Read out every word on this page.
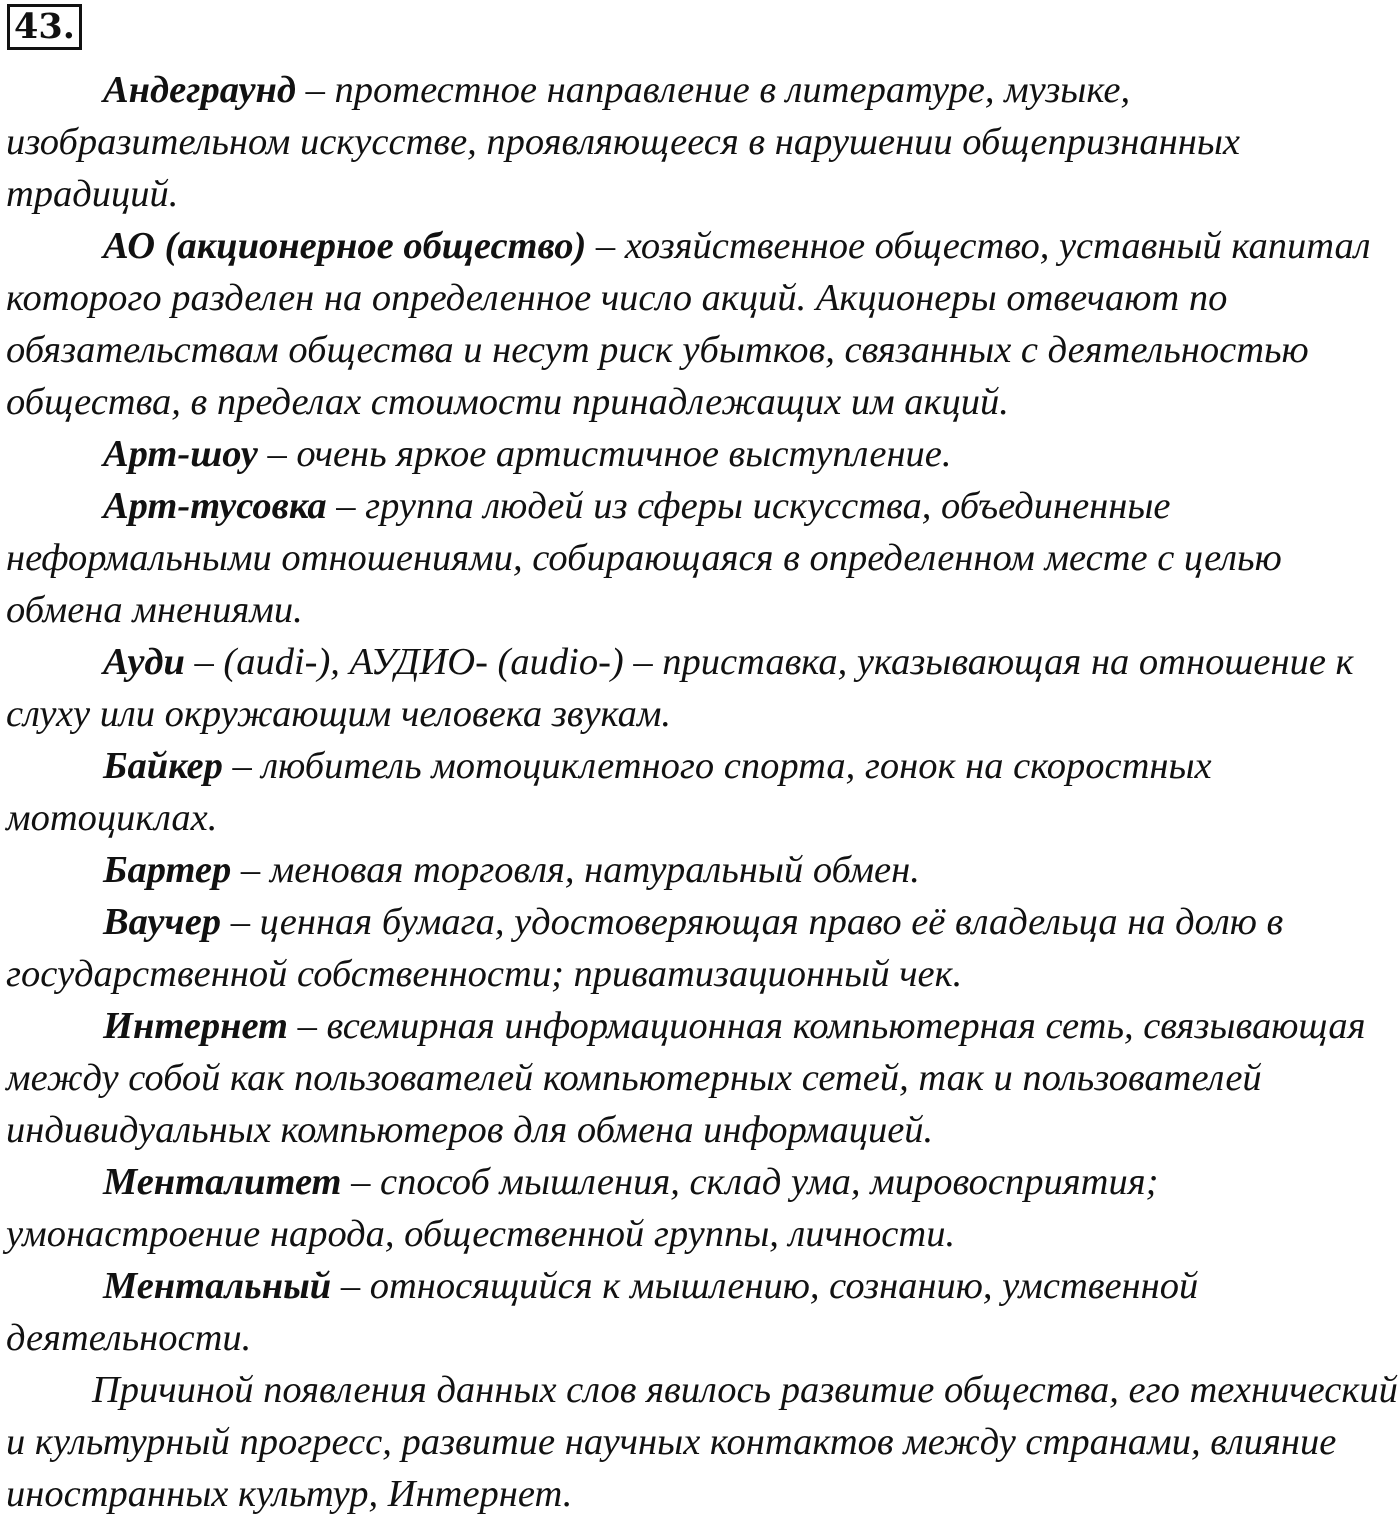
43.

Андеграунд – протестное направление в литературе, музыке, изобразительном искусстве, проявляющееся в нарушении общепризнанных традиций.

АО (акционерное общество) – хозяйственное общество, уставный капитал которого разделен на определенное число акций. Акционеры отвечают по обязательствам общества и несут риск убытков, связанных с деятельностью общества, в пределах стоимости принадлежащих им акций.

Арт-шоу – очень яркое артистичное выступление.

Арт-тусовка – группа людей из сферы искусства, объединенные неформальными отношениями, собирающаяся в определенном месте с целью обмена мнениями.

Ауди – (audi-), АУДИО- (audio-) – приставка, указывающая на отношение к слуху или окружающим человека звукам.

Байкер – любитель мотоциклетного спорта, гонок на скоростных мотоциклах.

Бартер – меновая торговля, натуральный обмен.

Ваучер – ценная бумага, удостоверяющая право её владельца на долю в государственной собственности; приватизационный чек.

Интернет – всемирная информационная компьютерная сеть, связывающая между собой как пользователей компьютерных сетей, так и пользователей индивидуальных компьютеров для обмена информацией.

Менталитет – способ мышления, склад ума, мировосприятия; умонастроение народа, общественной группы, личности.

Ментальный – относящийся к мышлению, сознанию, умственной деятельности.

Причиной появления данных слов явилось развитие общества, его технический и культурный прогресс, развитие научных контактов между странами, влияние иностранных культур, Интернет.
